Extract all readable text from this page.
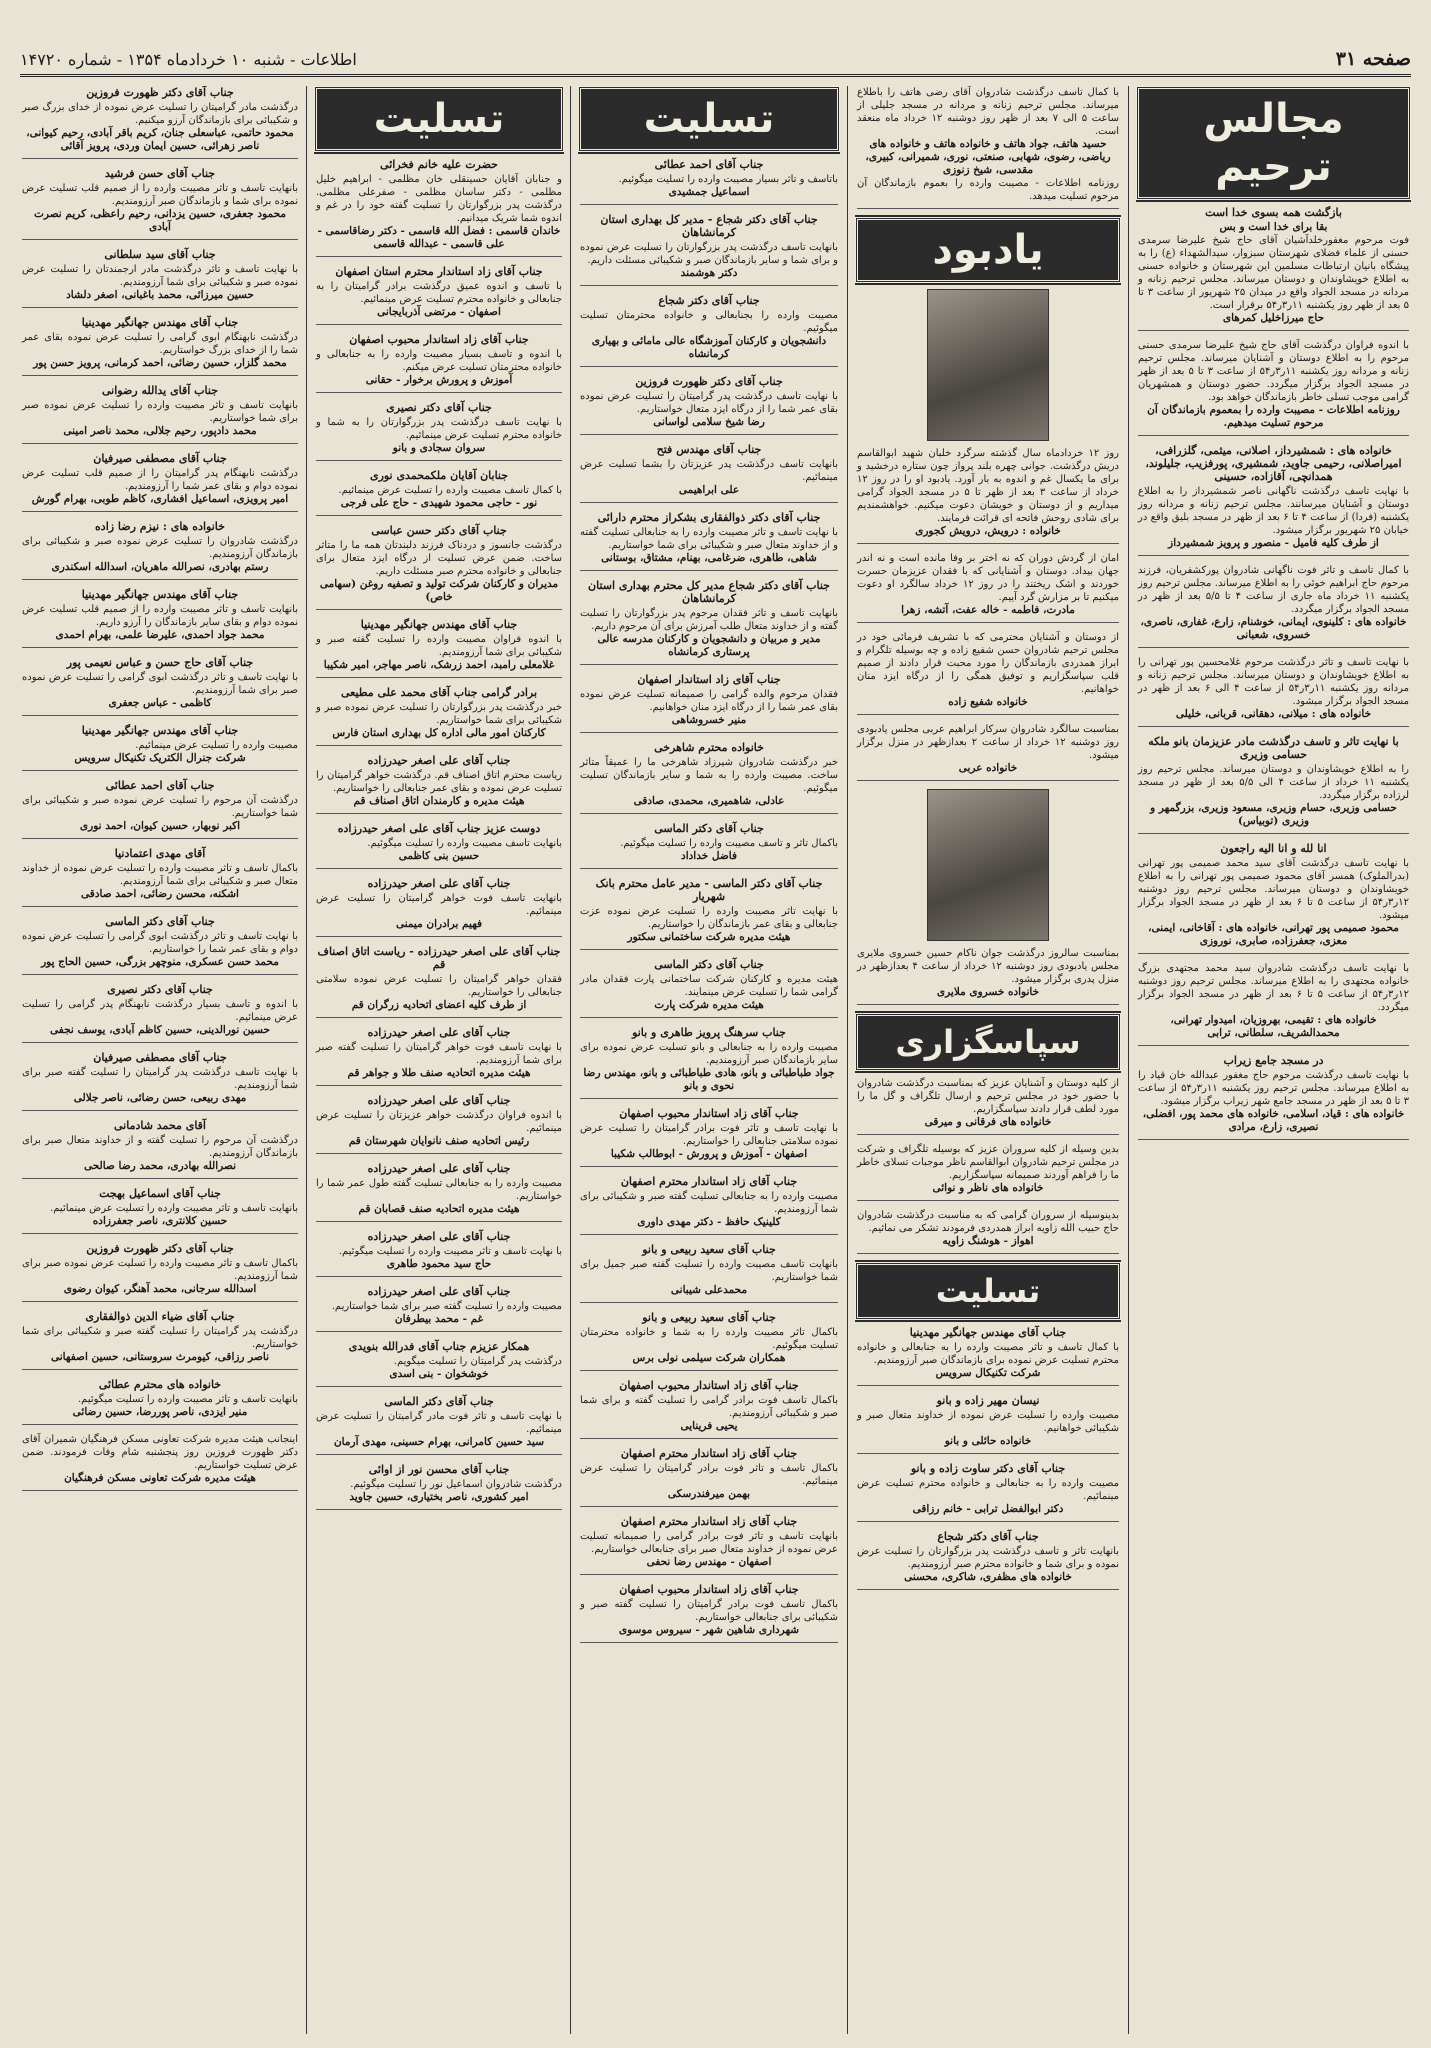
صفحه ۳۱
اطلاعات - شنبه ۱۰ خردادماه ۱۳۵۴ - شماره ۱۴۷۲۰
مجالس ترحیم
بازگشت همه بسوی خدا است
بقا برای خدا است و بس
فوت مرحوم مغفورخلدآشیان آقای حاج شیخ علیرضا سرمدی حسنی از علماء فضلای شهرستان سبزوار، سیدالشهداء (ع) را به پیشگاه بانیان ارتباطات مسلمین این شهرستان و خانواده حسنی به اطلاع خویشاوندان و دوستان میرساند. مجلس ترحیم زنانه و مردانه در مسجد الجواد واقع در میدان ۲۵ شهریور از ساعت ۳ تا ۵ بعد از ظهر روز یکشنبه ۱۱ر۳ر۵۴ برقرار است.
حاج میرزاخلیل کمرهای
با اندوه فراوان درگذشت آقای حاج شیخ علیرضا سرمدی حسنی مرحوم را به اطلاع دوستان و آشنایان میرساند. مجلس ترحیم زنانه و مردانه روز یکشنبه ۱۱ر۳ر۵۴ از ساعت ۳ تا ۵ بعد از ظهر در مسجد الجواد برگزار میگردد. حضور دوستان و همشهریان گرامی موجب تسلی خاطر بازماندگان خواهد بود.
روزنامه اطلاعات - مصیبت وارده را بمعموم بازماندگان آن مرحوم تسلیت میدهیم.
خانواده های : شمشیرداز، اصلانی، میثمی، گلزرافی، امیراصلانی، رحیمی جاوید، شمشیری، پورفزیب، جلیلوند، همدانچی، آقازاده، حسینی
با نهایت تاسف درگذشت ناگهانی ناصر شمشیرداز را به اطلاع دوستان و آشنایان میرسانند. مجلس ترحیم زنانه و مردانه روز یکشنبه (فردا) از ساعت ۴ تا ۶ بعد از ظهر در مسجد بلیق واقع در خیابان ۲۵ شهریور برگزار میشود.
از طرف کلیه فامیل - منصور و پرویز شمشیرداز
با کمال تاسف و تاثر فوت ناگهانی شادروان پورکشفریان، فرزند مرحوم حاج ابراهیم خوئی را به اطلاع میرساند. مجلس ترحیم روز یکشنبه ۱۱ خرداد ماه جاری از ساعت ۴ تا ۵/۵ بعد از ظهر در مسجد الجواد برگزار میگردد.
خانواده های : کلینوی، ایمانی، خوشنام، زارع، غفاری، ناصری، خسروی، شعبانی
با نهایت تاسف و تاثر درگذشت مرحوم غلامحسین پور تهرانی را به اطلاع خویشاوندان و دوستان میرساند. مجلس ترحیم زنانه و مردانه روز یکشنبه ۱۱ر۳ر۵۴ از ساعت ۴ الی ۶ بعد از ظهر در مسجد الجواد برگزار میشود.
خانواده های : میلانی، دهقانی، قربانی، خلیلی
با نهایت تاثر و تاسف درگذشت مادر عزیزمان بانو ملکه حسامی وزیری
را به اطلاع خویشاوندان و دوستان میرساند. مجلس ترحیم روز یکشنبه ۱۱ خرداد از ساعت ۴ الی ۵/۵ بعد از ظهر در مسجد لرزاده برگزار میگردد.
حسامی وزیری، حسام وزیری، مسعود وزیری، بزرگمهر و وزیری (توبیاس)
انا لله و انا الیه راجعون
با نهایت تاسف درگذشت آقای سید محمد صمیمی پور تهرانی (بدرالملوک) همسر آقای محمود صمیمی پور تهرانی را به اطلاع خویشاوندان و دوستان میرساند. مجلس ترحیم روز دوشنبه ۱۲ر۳ر۵۴ از ساعت ۵ تا ۶ بعد از ظهر در مسجد الجواد برگزار میشود.
محمود صمیمی پور تهرانی، خانواده های : آقاخانی، ایمنی، معزی، جعفرزاده، صابری، نوروزی
با نهایت تاسف درگذشت شادروان سید محمد مجتهدی بزرگ خانواده مجتهدی را به اطلاع میرساند. مجلس ترحیم روز دوشنبه ۱۲ر۳ر۵۴ از ساعت ۵ تا ۶ بعد از ظهر در مسجد الجواد برگزار میگردد.
خانواده های : تقیمی، بهروزیان، امیدوار تهرانی، محمدالشریف، سلطانی، ترابی
در مسجد جامع زیراب
با نهایت تاسف درگذشت مرحوم حاج مغفور عبدالله خان قیاد را به اطلاع میرساند. مجلس ترحیم روز یکشنبه ۱۱ر۳ر۵۴ از ساعت ۳ تا ۵ بعد از ظهر در مسجد جامع شهر زیراب برگزار میشود.
خانواده های : قیاد، اسلامی، خانواده های محمد پور، افضلی، نصیری، زارع، مرادی
با کمال تاسف درگذشت شادروان آقای رضی هاتف را باطلاع میرساند. مجلس ترحیم زنانه و مردانه در مسجد جلیلی از ساعت ۵ الی ۷ بعد از ظهر روز دوشنبه ۱۲ خرداد ماه منعقد است.
حسید هاتف، جواد هاتف و خانواده هاتف و خانواده های ریاضی، رضوی، شهابی، صنعتی، نوری، شمیرانی، کبیری، مقدسی، شیخ زنوزی
روزنامه اطلاعات - مصیبت وارده را بعموم بازماندگان آن مرحوم تسلیت میدهد.
یادبود
روز ۱۲ خردادماه سال گذشته سرگرد خلبان شهید ابوالقاسم دریش درگذشت. جوانی چهره بلند پرواز چون ستاره درخشید و برای ما یکسال غم و اندوه به بار آورد. یادبود او را در روز ۱۲ خرداد از ساعت ۳ بعد از ظهر تا ۵ در مسجد الجواد گرامی میداریم و از دوستان و خویشان دعوت میکنیم. خواهشمندیم برای شادی روحش فاتحه ای قرائت فرمایند.
خانواده : درویش، درویش کجوری
امان از گردش دوران که نه اختر بر وفا مانده است و نه اندر جهان بیداد. دوستان و آشنایانی که با فقدان عزیزمان حسرت خوردند و اشک ریختند را در روز ۱۲ خرداد سالگرد او دعوت میکنیم تا بر مزارش گرد آییم.
مادرت، فاطمه - خاله عفت، آتشه، زهرا
از دوستان و آشنایان محترمی که با تشریف فرمائی خود در مجلس ترحیم شادروان حسن شفیع زاده و چه بوسیله تلگرام و ابراز همدردی بازماندگان را مورد محبت قرار دادند از صمیم قلب سپاسگزاریم و توفیق همگی را از درگاه ایزد منان خواهانیم.
خانواده شفیع زاده
بمناسبت سالگرد شادروان سرکار ابراهیم عربی مجلس یادبودی روز دوشنبه ۱۲ خرداد از ساعت ۲ بعدازظهر در منزل برگزار میشود.
خانواده عربی
بمناسبت سالروز درگذشت جوان ناکام حسین خسروی ملایری مجلس یادبودی روز دوشنبه ۱۲ خرداد از ساعت ۴ بعدازظهر در منزل پدری برگزار میشود.
خانواده خسروی ملایری
سپاسگزاری
از کلیه دوستان و آشنایان عزیز که بمناسبت درگذشت شادروان با حضور خود در مجلس ترحیم و ارسال تلگراف و گل ما را مورد لطف قرار دادند سپاسگزاریم.
خانواده های فرقانی و میرقی
بدین وسیله از کلیه سروران عزیز که بوسیله تلگراف و شرکت در مجلس ترحیم شادروان ابوالقاسم ناظر موجبات تسلای خاطر ما را فراهم آوردند صمیمانه سپاسگزاریم.
خانواده های ناظر و نوائی
بدینوسیله از سروران گرامی که به مناسبت درگذشت شادروان حاج حبیب الله زاویه ابراز همدردی فرمودند تشکر می نمائیم.
اهواز - هوشنگ زاویه
تسلیت
جناب آقای مهندس جهانگیر مهدینیا
با کمال تاسف و تاثر مصیبت وارده را به جنابعالی و خانواده محترم تسلیت عرض نموده برای بازماندگان صبر آرزومندیم.
شرکت تکنیکال سرویس
نیسان مهیر زاده و بانو
مصیبت وارده را تسلیت عرض نموده از خداوند متعال صبر و شکیبائی خواهانیم.
خانواده حائلی و بانو
جناب آقای دکتر ساوت زاده و بانو
مصیبت وارده را به جنابعالی و خانواده محترم تسلیت عرض مینمائیم.
دکتر ابوالفضل ترابی - خانم رزاقی
جناب آقای دکتر شجاع
بانهایت تاثر و تاسف درگذشت پدر بزرگوارتان را تسلیت عرض نموده و برای شما و خانواده محترم صبر آرزومندیم.
خانواده های مظفری، شاکری، محسنی
تسلیت
جناب آقای احمد عطائی
باتاسف و تاثر بسیار مصیبت وارده را تسلیت میگوئیم.
اسماعیل جمشیدی
جناب آقای دکتر شجاع - مدیر کل بهداری استان کرمانشاهان
بانهایت تاسف درگذشت پدر بزرگوارتان را تسلیت عرض نموده و برای شما و سایر بازماندگان صبر و شکیبائی مسئلت داریم.
دکتر هوشمند
جناب آقای دکتر شجاع
مصیبت وارده را بجنابعالی و خانواده محترمتان تسلیت میگوئیم.
دانشجویان و کارکنان آموزشگاه عالی مامائی و بهیاری کرمانشاه
جناب آقای دکتر ظهورت فروزین
با نهایت تاسف درگذشت پدر گرامیتان را تسلیت عرض نموده بقای عمر شما را از درگاه ایزد متعال خواستاریم.
رضا شیخ سلامی لواسانی
جناب آقای مهندس فتح
بانهایت تاسف درگذشت پدر عزیزتان را بشما تسلیت عرض مینمائیم.
علی ابراهیمی
جناب آقای دکتر ذوالفقاری بشکراز محترم دارائی
با نهایت تاسف و تاثر مصیبت وارده را به جنابعالی تسلیت گفته و از خداوند متعال صبر و شکیبائی برای شما خواستاریم.
شاهی، طاهری، ضرغامی، بهنام، مشتاق، بوستانی
جناب آقای دکتر شجاع مدیر کل محترم بهداری استان کرمانشاهان
بانهایت تاسف و تاثر فقدان مرحوم پدر بزرگوارتان را تسلیت گفته و از خداوند متعال طلب آمرزش برای آن مرحوم داریم.
مدیر و مربیان و دانشجویان و کارکنان مدرسه عالی پرستاری کرمانشاه
جناب آقای زاد استاندار اصفهان
فقدان مرحوم والده گرامی را صمیمانه تسلیت عرض نموده بقای عمر شما را از درگاه ایزد منان خواهانیم.
منیر خسروشاهی
خانواده محترم شاهرخی
خبر درگذشت شادروان شیرزاد شاهرخی ما را عمیقاً متاثر ساخت. مصیبت وارده را به شما و سایر بازماندگان تسلیت میگوئیم.
عادلی، شاهمیری، محمدی، صادقی
جناب آقای دکتر الماسی
باکمال تاثر و تاسف مصیبت وارده را تسلیت میگوئیم.
فاضل خداداد
جناب آقای دکتر الماسی - مدیر عامل محترم بانک شهریار
با نهایت تاثر مصیبت وارده را تسلیت عرض نموده عزت جنابعالی و بقای عمر بازماندگان را خواستاریم.
هیئت مدیره شرکت ساختمانی سکتور
جناب آقای دکتر الماسی
هیئت مدیره و کارکنان شرکت ساختمانی پارت فقدان مادر گرامی شما را تسلیت عرض مینمایند.
هیئت مدیره شرکت پارت
جناب سرهنگ پرویز طاهری و بانو
مصیبت وارده را به جنابعالی و بانو تسلیت عرض نموده برای سایر بازماندگان صبر آرزومندیم.
جواد طباطبائی و بانو، هادی طباطبائی و بانو، مهندس رضا نحوی و بانو
جناب آقای زاد استاندار محبوب اصفهان
با نهایت تاسف و تاثر فوت برادر گرامیتان را تسلیت عرض نموده سلامتی جنابعالی را خواستاریم.
اصفهان - آموزش و پرورش - ابوطالب شکیبا
جناب آقای زاد استاندار محترم اصفهان
مصیبت وارده را به جنابعالی تسلیت گفته صبر و شکیبائی برای شما آرزومندیم.
کلینیک حافظ - دکتر مهدی داوری
جناب آقای سعید ربیعی و بانو
بانهایت تاسف مصیبت وارده را تسلیت گفته صبر جمیل برای شما خواستاریم.
محمدعلی شیبانی
جناب آقای سعید ربیعی و بانو
باکمال تاثر مصیبت وارده را به شما و خانواده محترمتان تسلیت میگوئیم.
همکاران شرکت سیلمی نولی برس
جناب آقای زاد استاندار محبوب اصفهان
باکمال تاسف فوت برادر گرامی را تسلیت گفته و برای شما صبر و شکیبائی آرزومندیم.
یحیی فرینایی
جناب آقای زاد استاندار محترم اصفهان
باکمال تاسف و تاثر فوت برادر گرامیتان را تسلیت عرض مینمائیم.
بهمن میرفندرسکی
جناب آقای زاد استاندار محترم اصفهان
بانهایت تاسف و تاثر فوت برادر گرامی را صمیمانه تسلیت عرض نموده از خداوند متعال صبر برای جنابعالی خواستاریم.
اصفهان - مهندس رضا نحفی
جناب آقای زاد استاندار محبوب اصفهان
باکمال تاسف فوت برادر گرامیتان را تسلیت گفته صبر و شکیبائی برای جنابعالی خواستاریم.
شهرداری شاهین شهر - سیروس موسوی
تسلیت
حضرت علیه خانم فخرائی
و جنابان آقایان حسینقلی خان مظلمی - ابراهیم خلیل مظلمی - دکتر ساسان مظلمی - صفرعلی مظلمی. درگذشت پدر بزرگوارتان را تسلیت گفته خود را در غم و اندوه شما شریک میدانیم.
خاندان قاسمی : فضل الله قاسمی - دکتر رضاقاسمی - علی قاسمی - عبدالله قاسمی
جناب آقای زاد استاندار محترم استان اصفهان
با تاسف و اندوه عمیق درگذشت برادر گرامیتان را به جنابعالی و خانواده محترم تسلیت عرض مینمائیم.
اصفهان - مرتضی آذربایجانی
جناب آقای زاد استاندار محبوب اصفهان
با اندوه و تاسف بسیار مصیبت وارده را به جنابعالی و خانواده محترمتان تسلیت عرض میکنم.
آموزش و پرورش برخوار - حقانی
جناب آقای دکتر نصیری
با نهایت تاسف درگذشت پدر بزرگوارتان را به شما و خانواده محترم تسلیت عرض مینمائیم.
سروان سجادی و بانو
جنابان آقایان ملکمحمدی نوری
با کمال تاسف مصیبت وارده را تسلیت عرض مینمائیم.
نور - حاجی محمود شهیدی - حاج علی فرجی
جناب آقای دکتر حسن عباسی
درگذشت جانسوز و دردناک فرزند دلبندتان همه ما را متاثر ساخت. ضمن عرض تسلیت از درگاه ایزد متعال برای جنابعالی و خانواده محترم صبر مسئلت داریم.
مدیران و کارکنان شرکت تولید و تصفیه روغن (سهامی خاص)
جناب آقای مهندس جهانگیر مهدینیا
با اندوه فراوان مصیبت وارده را تسلیت گفته صبر و شکیبائی برای شما آرزومندیم.
غلامعلی رامبد، احمد زرشک، ناصر مهاجر، امیر شکیبا
برادر گرامی جناب آقای محمد علی مطیعی
خبر درگذشت پدر بزرگوارتان را تسلیت عرض نموده صبر و شکیبائی برای شما خواستاریم.
کارکنان امور مالی اداره کل بهداری استان فارس
جناب آقای علی اصغر حیدرزاده
ریاست محترم اتاق اصناف قم. درگذشت خواهر گرامیتان را تسلیت عرض نموده و بقای عمر جنابعالی را خواستاریم.
هیئت مدیره و کارمندان اتاق اصناف قم
دوست عزیز جناب آقای علی اصغر حیدرزاده
بانهایت تاسف مصیبت وارده را تسلیت میگوئیم.
حسین بنی کاظمی
جناب آقای علی اصغر حیدرزاده
بانهایت تاسف فوت خواهر گرامیتان را تسلیت عرض مینمائیم.
فهیم برادران میمنی
جناب آقای علی اصغر حیدرزاده - ریاست اتاق اصناف قم
فقدان خواهر گرامیتان را تسلیت عرض نموده سلامتی جنابعالی را خواستاریم.
از طرف کلیه اعضای اتحادیه زرگران قم
جناب آقای علی اصغر حیدرزاده
با نهایت تاسف فوت خواهر گرامیتان را تسلیت گفته صبر برای شما آرزومندیم.
هیئت مدیره اتحادیه صنف طلا و جواهر قم
جناب آقای علی اصغر حیدرزاده
با اندوه فراوان درگذشت خواهر عزیزتان را تسلیت عرض مینمائیم.
رئیس اتحادیه صنف نانوایان شهرستان قم
جناب آقای علی اصغر حیدرزاده
مصیبت وارده را به جنابعالی تسلیت گفته طول عمر شما را خواستاریم.
هیئت مدیره اتحادیه صنف قصابان قم
جناب آقای علی اصغر حیدرزاده
با نهایت تاسف و تاثر مصیبت وارده را تسلیت میگوئیم.
حاج سید محمود طاهری
جناب آقای علی اصغر حیدرزاده
مصیبت وارده را تسلیت گفته صبر برای شما خواستاریم.
غم - محمد بیطرفان
همکار عزیزم جناب آقای فدرالله بنویدی
درگذشت پدر گرامیتان را تسلیت میگویم.
خوشخوان - بنی اسدی
جناب آقای دکتر الماسی
با نهایت تاسف و تاثر فوت مادر گرامیتان را تسلیت عرض مینمائیم.
سید حسین کامرانی، بهرام حسینی، مهدی آرمان
جناب آقای محسن نور از اوائی
درگذشت شادروان اسماعیل نور را تسلیت میگوئیم.
امیر کشوری، ناصر بختیاری، حسین جاوید
جناب آقای دکتر ظهورت فروزین
درگذشت مادر گرامیتان را تسلیت عرض نموده از خدای بزرگ صبر و شکیبائی برای بازماندگان آرزو میکنیم.
محمود حاتمی، عباسعلی جنان، کریم باقر آبادی، رحیم کیوانی، ناصر زهرائی، حسین ایمان وردی، پرویز آقائی
جناب آقای حسن فرشید
بانهایت تاسف و تاثر مصیبت وارده را از صمیم قلب تسلیت عرض نموده برای شما و بازماندگان صبر آرزومندیم.
محمود جعفری، حسین یزدانی، رحیم راعظی، کریم نصرت آبادی
جناب آقای سید سلطانی
با نهایت تاسف و تاثر درگذشت مادر ارجمندتان را تسلیت عرض نموده صبر و شکیبائی برای شما آرزومندیم.
حسین میرزائی، محمد باغبانی، اصغر دلشاد
جناب آقای مهندس جهانگیر مهدینیا
درگذشت نابهنگام ابوی گرامی را تسلیت عرض نموده بقای عمر شما را از خدای بزرگ خواستاریم.
محمد گلزار، حسین رضائی، احمد کرمانی، پرویز حسن پور
جناب آقای یدالله رضوانی
بانهایت تاسف و تاثر مصیبت وارده را تسلیت عرض نموده صبر برای شما خواستاریم.
محمد دادپور، رحیم جلالی، محمد ناصر امینی
جناب آقای مصطفی صیرفیان
درگذشت نابهنگام پدر گرامیتان را از صمیم قلب تسلیت عرض نموده دوام و بقای عمر شما را آرزومندیم.
امیر پرویزی، اسماعیل افشاری، کاظم طوبی، بهرام گورش
خانواده های : نیزم رضا زاده
درگذشت شادروان را تسلیت عرض نموده صبر و شکیبائی برای بازماندگان آرزومندیم.
رستم بهادری، نصرالله ماهریان، اسدالله اسکندری
جناب آقای مهندس جهانگیر مهدینیا
بانهایت تاسف و تاثر مصیبت وارده را از صمیم قلب تسلیت عرض نموده دوام و بقای سایر بازماندگان را آرزو داریم.
محمد جواد احمدی، علیرضا علمی، بهرام احمدی
جناب آقای حاج حسن و عباس نعیمی پور
با نهایت تاسف و تاثر درگذشت ابوی گرامی را تسلیت عرض نموده صبر برای شما آرزومندیم.
کاظمی - عباس جعفری
جناب آقای مهندس جهانگیر مهدینیا
مصیبت وارده را تسلیت عرض مینمائیم.
شرکت جنرال الکتریک تکنیکال سرویس
جناب آقای احمد عطائی
درگذشت آن مرحوم را تسلیت عرض نموده صبر و شکیبائی برای شما خواستاریم.
اکبر نوبهار، حسین کیوان، احمد نوری
آقای مهدی اعتمادنیا
باکمال تاسف و تاثر مصیبت وارده را تسلیت عرض نموده از خداوند متعال صبر و شکیبائی برای شما آرزومندیم.
اشکنه، محسن رضائی، احمد صادقی
جناب آقای دکتر الماسی
با نهایت تاسف و تاثر درگذشت ابوی گرامی را تسلیت عرض نموده دوام و بقای عمر شما را خواستاریم.
محمد حسن عسکری، منوچهر بزرگی، حسین الحاج پور
جناب آقای دکتر نصیری
با اندوه و تاسف بسیار درگذشت نابهنگام پدر گرامی را تسلیت عرض مینمائیم.
حسین نورالدینی، حسین کاظم آبادی، یوسف نجفی
جناب آقای مصطفی صیرفیان
با نهایت تاسف درگذشت پدر گرامیتان را تسلیت گفته صبر برای شما آرزومندیم.
مهدی ربیعی، حسن رضائی، ناصر جلالی
آقای محمد شادمانی
درگذشت آن مرحوم را تسلیت گفته و از خداوند متعال صبر برای بازماندگان آرزومندیم.
نصرالله بهادری، محمد رضا صالحی
جناب آقای اسماعیل بهجت
بانهایت تاسف و تاثر مصیبت وارده را تسلیت عرض مینمائیم.
حسین کلانتری، ناصر جعفرزاده
جناب آقای دکتر ظهورت فروزین
باکمال تاسف و تاثر مصیبت وارده را تسلیت عرض نموده صبر برای شما آرزومندیم.
اسدالله سرجانی، محمد آهنگر، کیوان رضوی
جناب آقای ضیاء الدین ذوالفقاری
درگذشت پدر گرامیتان را تسلیت گفته صبر و شکیبائی برای شما خواستاریم.
ناصر رزاقی، کیومرث سروستانی، حسین اصفهانی
خانواده های محترم عطائی
بانهایت تاسف و تاثر مصیبت وارده را تسلیت میگوئیم.
منیر ایزدی، ناصر پوررضا، حسین رضائی
اینجانب هیئت مدیره شرکت تعاونی مسکن فرهنگیان شمیران آقای دکتر ظهورت فروزین روز پنجشنبه شام وفات فرمودند. ضمن عرض تسلیت خواستاریم.
هیئت مدیره شرکت تعاونی مسکن فرهنگیان
